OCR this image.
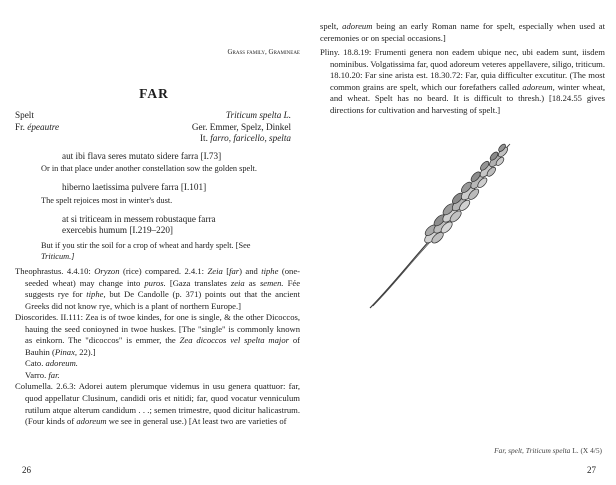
Grass family, Gramineae
FAR
Spelt	Triticum spelta L.
Fr. épeautre	Ger. Emmer, Spelz, Dinkel
It. farro, faricello, spelta
aut ibi flava seres mutato sidere farra [I.73]
Or in that place under another constellation sow the golden spelt.
hiberno laetissima pulvere farra [I.101]
The spelt rejoices most in winter's dust.
at si triticeam in messem robustaque farra
exercebis humum [I.219–220]
But if you stir the soil for a crop of wheat and hardy spelt. [See
Triticum.]

Theophrastus. 4.4.10: Oryzon (rice) compared. 2.4.1: Zeia [far) and tiphe (one-seeded wheat) may change into puros. [Gaza translates zeia as semen. Fée suggests rye for tiphe, but De Candolle (p. 371) points out that the ancient Greeks did not know rye, which is a plant of northern Europe.]

Dioscorides. II.111: Zea is of twoe kindes, for one is single, & the other Dicoccos, hauing the seed conioyned in twoe huskes. [The "single" is commonly known as einkorn. The "dicoccos" is emmer, the Zea dicoccos vel spelta major of Bauhin (Pinax, 22).]

Cato. adoreum.

Varro. far.

Columella. 2.6.3: Adorei autem plerumque videmus in usu genera quattuor: far, quod appellatur Clusinum, candidi oris et nitidi; far, quod vocatur venniculum rutilum atque alterum candidum . . .; semen trimestre, quod dicitur halicastrum. (Four kinds of adoreum we see in general use.) [At least two are varieties of

26

spelt, adoreum being an early Roman name for spelt, especially when used at ceremonies or on special occasions.]

Pliny. 18.8.19: Frumenti genera non eadem ubique nec, ubi eadem sunt, iisdem nominibus. Volgatissima far, quod adoreum veteres appellavere, siligo, triticum. 18.10.20: Far sine arista est. 18.30.72: Far, quia difficulter excutitur. (The most common grains are spelt, which our forefathers called adoreum, winter wheat, and wheat. Spelt has no beard. It is difficult to thresh.) [18.24.55 gives directions for cultivation and harvesting of spelt.]

Far, spelt, Triticum spelta L. (X 4/5)
27
